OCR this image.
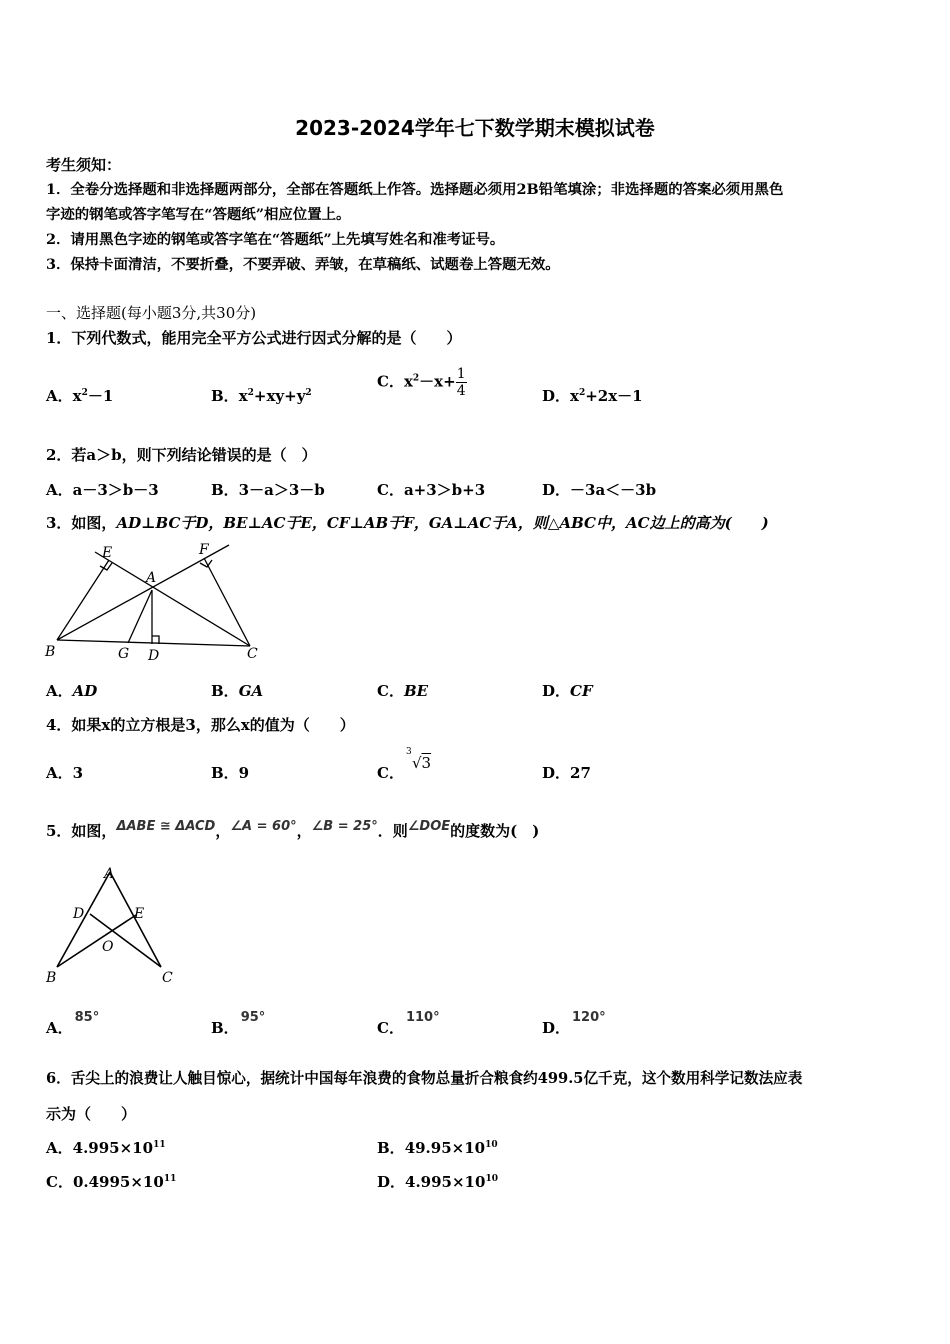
2023-2024学年七下数学期末模拟试卷
考生须知：
1．全卷分选择题和非选择题两部分，全部在答题纸上作答。选择题必须用2B铅笔填涂；非选择题的答案必须用黑色
字迹的钢笔或答字笔写在“答题纸”相应位置上。
2．请用黑色字迹的钢笔或答字笔在“答题纸”上先填写姓名和准考证号。
3．保持卡面清洁，不要折叠，不要弄破、弄皱，在草稿纸、试题卷上答题无效。
一、选择题(每小题3分,共30分)
1．下列代数式，能用完全平方公式进行因式分解的是（　　）
A．$x^2-1$	B．$x^2+xy+y^2$
C．$x^2-x+ \frac{1}{4}$	D．$x^2+2x-1$
2．若a＞b，则下列结论错误的是（　）
A．a－3＞b－3	B．3－a＞3－b	C．a+3＞b+3	D．－3a＜－3b
3．如图，AD⊥BC于D，BE⊥AC于E，CF⊥AB于F，GA⊥AC于A，则△ABC中，AC边上的高为(　　)
E	F
A
B	G D	C
A．AD	B．GA	C．BE	D．CF
4．如果x的立方根是3，那么x的值为（　　）
A．3	B．9	C．
3
√3
D．27
5．如图，ΔABE ≅ ΔACD，∠A = 60°，∠B = 25°．则∠DOE的度数为(　)
A
D	E
O
B	C
A．85°
B．95°
C．110°
D．120°
6．舌尖上的浪费让人触目惊心，据统计中国每年浪费的食物总量折合粮食约499.5亿千克，这个数用科学记数法应表
示为（　　）
A．$4.995\times 10^{11}$	B．$49.95\times 10^{10}$
C．$0.4995\times 10^{11}$	D．$4.995\times 10^{10}$
